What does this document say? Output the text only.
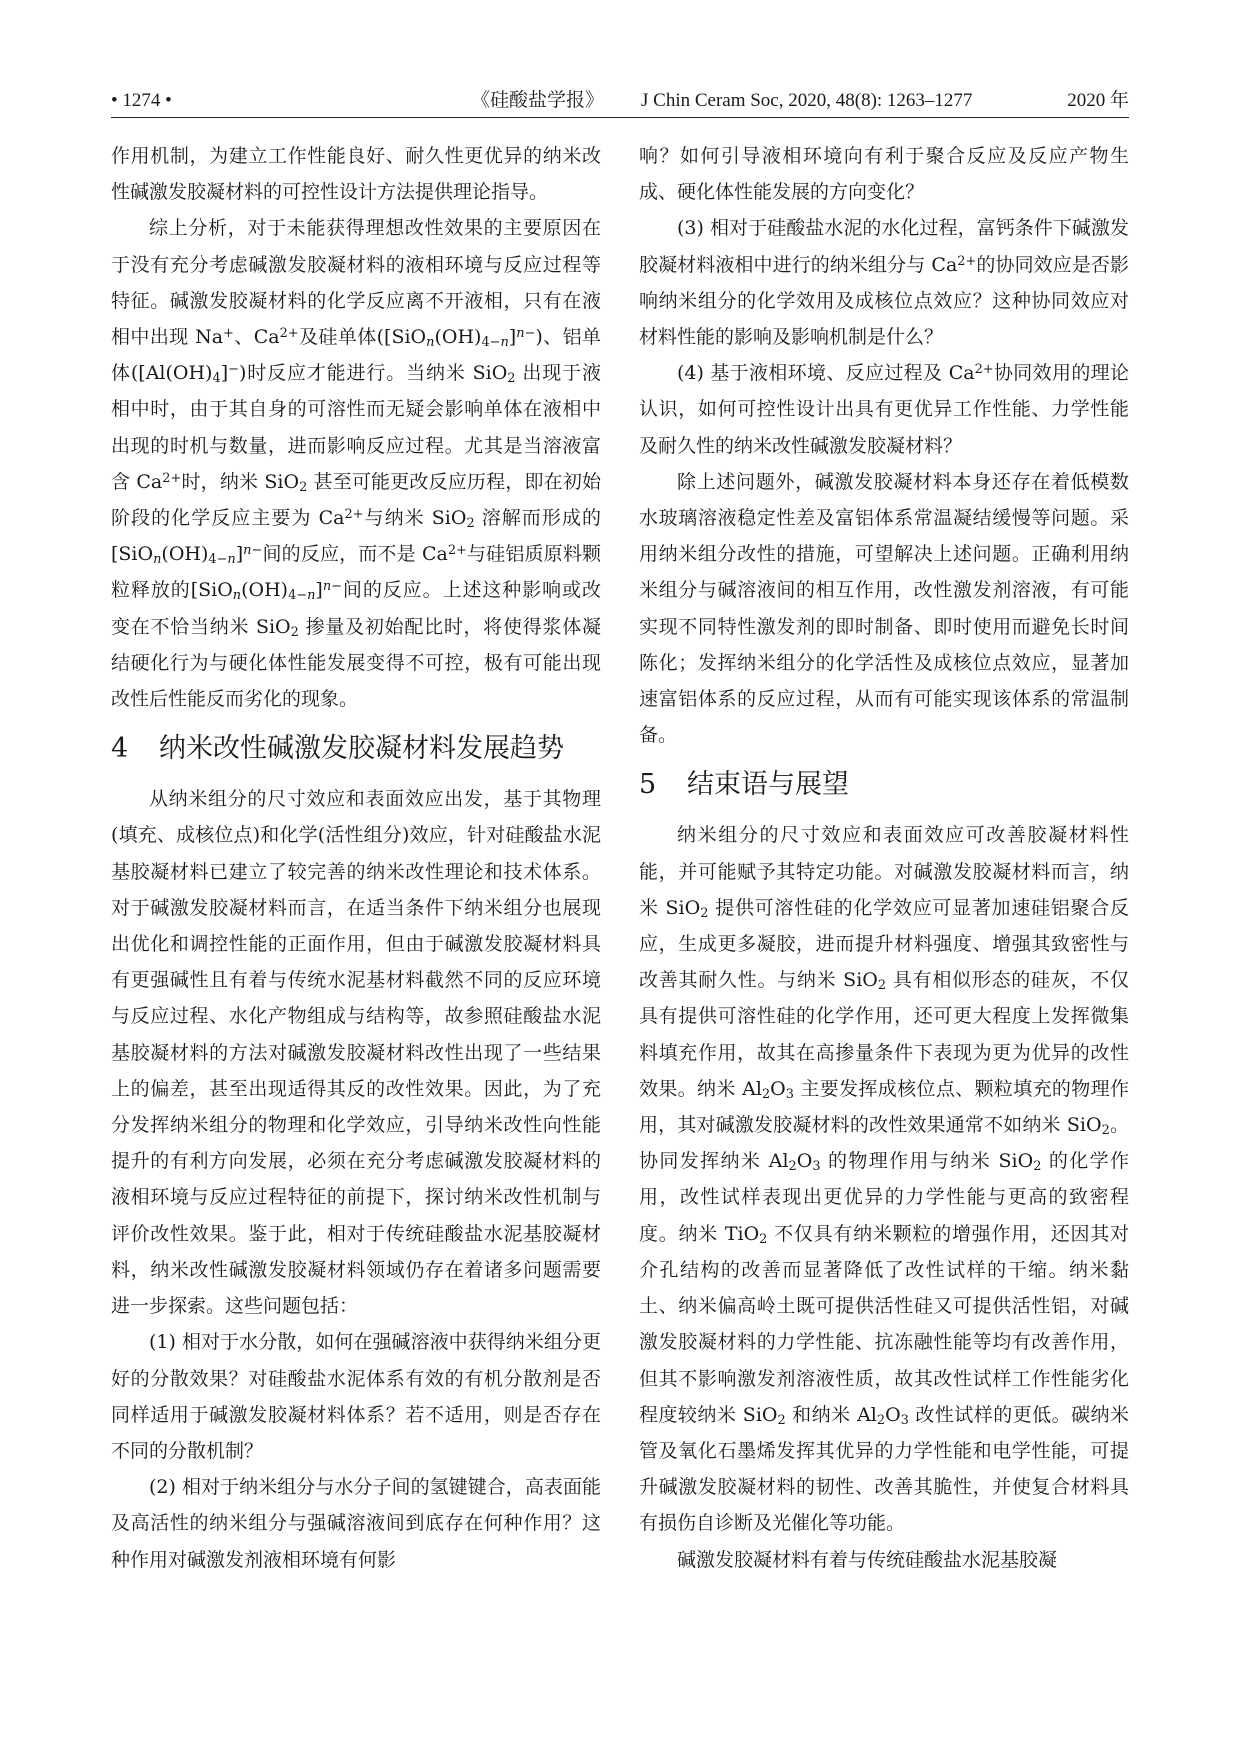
• 1274 •	《硅酸盐学报》 J Chin Ceram Soc, 2020, 48(8): 1263–1277	2020 年

作用机制，为建立工作性能良好、耐久性更优异的纳米改性碱激发胶凝材料的可控性设计方法提供理论指导。

综上分析，对于未能获得理想改性效果的主要原因在于没有充分考虑碱激发胶凝材料的液相环境与反应过程等特征。碱激发胶凝材料的化学反应离不开液相，只有在液相中出现 Na+、$Ca^{2+}$及硅单体$([SiO_n(OH)_{4-n}]^{n-})$、铝单体$([Al(OH)_4]^-)$时反应才能进行。当纳米 SiO$_2$ 出现于液相中时，由于其自身的可溶性而无疑会影响单体在液相中出现的时机与数量，进而影响反应过程。尤其是当溶液富含 $Ca^{2+}$时，纳米 SiO$_2$ 甚至可能更改反应历程，即在初始阶段的化学反应主要为 $Ca^{2+}$与纳米 SiO$_2$ 溶解而形成的$[SiO_n(OH)_{4-n}]^{n-}$间的反应，而不是 $Ca^{2+}$与硅铝质原料颗粒释放的$[SiO_n(OH)_{4-n}]^{n-}$间的反应。上述这种影响或改变在不恰当纳米 SiO$_2$ 掺量及初始配比时，将使得浆体凝结硬化行为与硬化体性能发展变得不可控，极有可能出现改性后性能反而劣化的现象。

4 纳米改性碱激发胶凝材料发展趋势

从纳米组分的尺寸效应和表面效应出发，基于其物理(填充、成核位点)和化学(活性组分)效应，针对硅酸盐水泥基胶凝材料已建立了较完善的纳米改性理论和技术体系。对于碱激发胶凝材料而言，在适当条件下纳米组分也展现出优化和调控性能的正面作用，但由于碱激发胶凝材料具有更强碱性且有着与传统水泥基材料截然不同的反应环境与反应过程、水化产物组成与结构等，故参照硅酸盐水泥基胶凝材料的方法对碱激发胶凝材料改性出现了一些结果上的偏差，甚至出现适得其反的改性效果。因此，为了充分发挥纳米组分的物理和化学效应，引导纳米改性向性能提升的有利方向发展，必须在充分考虑碱激发胶凝材料的液相环境与反应过程特征的前提下，探讨纳米改性机制与评价改性效果。鉴于此，相对于传统硅酸盐水泥基胶凝材料，纳米改性碱激发胶凝材料领域仍存在着诸多问题需要进一步探索。这些问题包括：

(1) 相对于水分散，如何在强碱溶液中获得纳米组分更好的分散效果？对硅酸盐水泥体系有效的有机分散剂是否同样适用于碱激发胶凝材料体系？若不适用，则是否存在不同的分散机制？

(2) 相对于纳米组分与水分子间的氢键键合，高表面能及高活性的纳米组分与强碱溶液间到底存在何种作用？这种作用对碱激发剂液相环境有何影

响？如何引导液相环境向有利于聚合反应及反应产物生成、硬化体性能发展的方向变化？

(3) 相对于硅酸盐水泥的水化过程，富钙条件下碱激发胶凝材料液相中进行的纳米组分与 $Ca^{2+}$的协同效应是否影响纳米组分的化学效用及成核位点效应？这种协同效应对材料性能的影响及影响机制是什么？

(4) 基于液相环境、反应过程及 $Ca^{2+}$协同效用的理论认识，如何可控性设计出具有更优异工作性能、力学性能及耐久性的纳米改性碱激发胶凝材料？

除上述问题外，碱激发胶凝材料本身还存在着低模数水玻璃溶液稳定性差及富铝体系常温凝结缓慢等问题。采用纳米组分改性的措施，可望解决上述问题。正确利用纳米组分与碱溶液间的相互作用，改性激发剂溶液，有可能实现不同特性激发剂的即时制备、即时使用而避免长时间陈化；发挥纳米组分的化学活性及成核位点效应，显著加速富铝体系的反应过程，从而有可能实现该体系的常温制备。

5 结束语与展望

纳米组分的尺寸效应和表面效应可改善胶凝材料性能，并可能赋予其特定功能。对碱激发胶凝材料而言，纳米 SiO$_2$ 提供可溶性硅的化学效应可显著加速硅铝聚合反应，生成更多凝胶，进而提升材料强度、增强其致密性与改善其耐久性。与纳米 SiO$_2$ 具有相似形态的硅灰，不仅具有提供可溶性硅的化学作用，还可更大程度上发挥微集料填充作用，故其在高掺量条件下表现为更为优异的改性效果。纳米 $Al_2O_3$ 主要发挥成核位点、颗粒填充的物理作用，其对碱激发胶凝材料的改性效果通常不如纳米 SiO$_2$。协同发挥纳米 $Al_2O_3$ 的物理作用与纳米 SiO$_2$ 的化学作用，改性试样表现出更优异的力学性能与更高的致密程度。纳米 TiO$_2$ 不仅具有纳米颗粒的增强作用，还因其对介孔结构的改善而显著降低了改性试样的干缩。纳米黏土、纳米偏高岭土既可提供活性硅又可提供活性铝，对碱激发胶凝材料的力学性能、抗冻融性能等均有改善作用，但其不影响激发剂溶液性质，故其改性试样工作性能劣化程度较纳米 SiO$_2$ 和纳米 $Al_2O_3$ 改性试样的更低。碳纳米管及氧化石墨烯发挥其优异的力学性能和电学性能，可提升碱激发胶凝材料的韧性、改善其脆性，并使复合材料具有损伤自诊断及光催化等功能。

碱激发胶凝材料有着与传统硅酸盐水泥基胶凝
